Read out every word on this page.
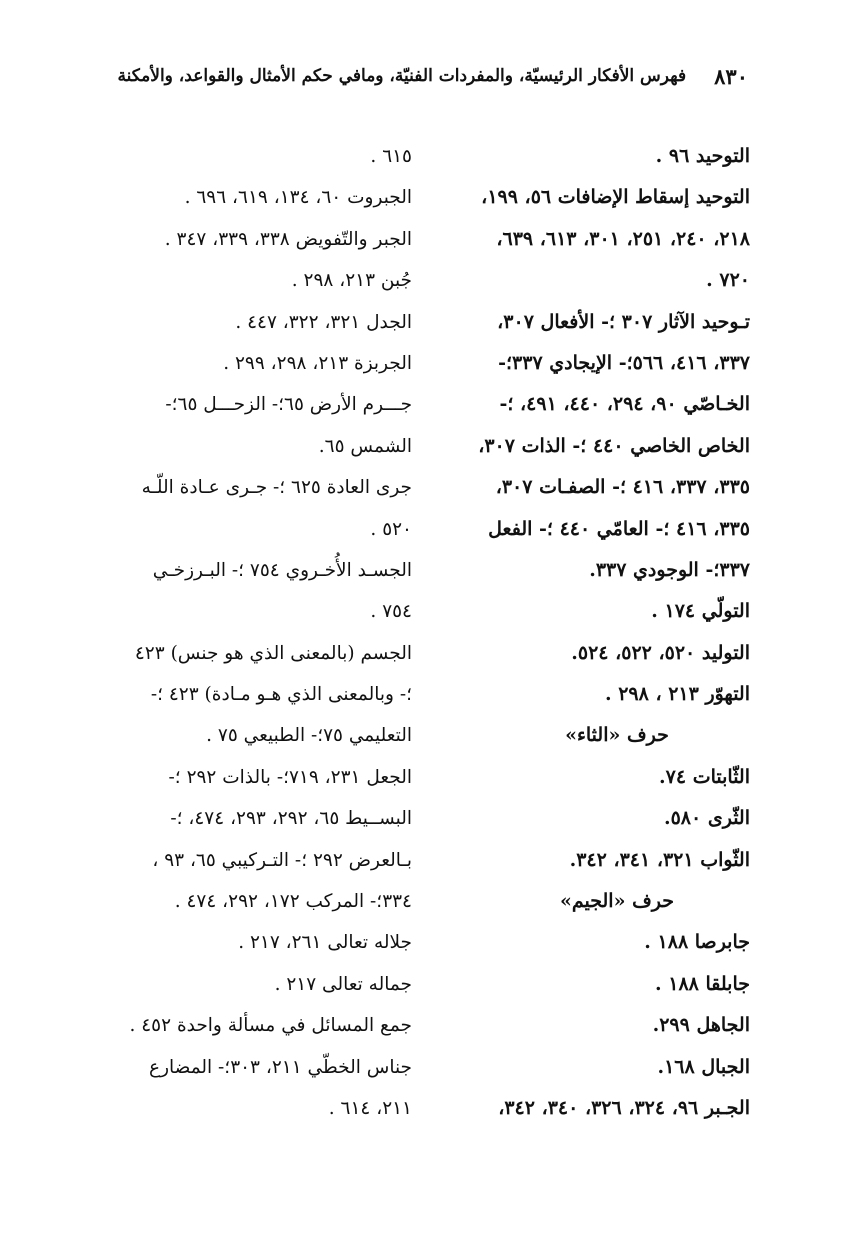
٨٣٠
فهرس الأفكار الرئيسيّة، والمفردات الفنيّة، ومافي حكم الأمثال والقواعد، والأمكنة
التوحيد ٩٦ .
التوحيد إسقاط الإضافات ٥٦، ١٩٩،
٢١٨، ٢٤٠، ٢٥١، ٣٠١، ٦١٣، ٦٣٩،
٧٢٠ .
تـوحيد الآثار ٣٠٧ ؛- الأفعال ٣٠٧،
٣٣٧، ٤١٦، ٥٦٦؛- الإيجادي ٣٣٧؛-
الخـاصّي ٩٠، ٢٩٤، ٤٤٠، ٤٩١، ؛-
الخاص الخاصي ٤٤٠ ؛- الذات ٣٠٧،
٣٣٥، ٣٣٧، ٤١٦ ؛- الصفـات ٣٠٧،
٣٣٥، ٤١٦ ؛- العامّي ٤٤٠ ؛- الفعل
٣٣٧؛- الوجودي ٣٣٧.
التولّي ١٧٤ .
التوليد ٥٢٠، ٥٢٢، ٥٢٤.
التهوّر ٢١٣ ، ٢٩٨ .
حرف «الثاء»
الثّابتات ٧٤.
الثّرى ٥٨٠.
الثّواب ٣٢١، ٣٤١، ٣٤٢.
حرف «الجيم»
جابرصا ١٨٨ .
جابلقا ١٨٨ .
الجاهل ٢٩٩.
الجبال ١٦٨.
الجـبر ٩٦، ٣٢٤، ٣٢٦، ٣٤٠، ٣٤٢،
٦١٥ .
الجبروت ٦٠، ١٣٤، ٦١٩، ٦٩٦ .
الجبر والتّفويض ٣٣٨، ٣٣٩، ٣٤٧ .
جُبن ٢١٣، ٢٩٨ .
الجدل ٣٢١، ٣٢٢، ٤٤٧ .
الجربزة ٢١٣، ٢٩٨، ٢٩٩ .
جـــرم الأرض ٦٥؛- الزحـــل ٦٥؛-
الشمس ٦٥.
جرى العادة ٦٢٥ ؛- جـرى عـادة اللّـه
٥٢٠ .
الجسـد الأُخـروي ٧٥٤ ؛- البـرزخـي
٧٥٤ .
الجسم (بالمعنى الذي هو جنس) ٤٢٣
؛- وبالمعنى الذي هـو مـادة) ٤٢٣ ؛-
التعليمي ٧٥؛- الطبيعي ٧٥ .
الجعل ٢٣١، ٧١٩؛- بالذات ٢٩٢ ؛-
البســيط ٦٥، ٢٩٢، ٢٩٣، ٤٧٤، ؛-
بـالعرض ٢٩٢ ؛- التـركيبي ٦٥، ٩٣ ،
٣٣٤؛- المركب ١٧٢، ٢٩٢، ٤٧٤ .
جلاله تعالى ٢٦١، ٢١٧ .
جماله تعالى ٢١٧ .
جمع المسائل في مسألة واحدة ٤٥٢ .
جناس الخطّي ٢١١، ٣٠٣؛- المضارع
٢١١، ٦١٤ .
